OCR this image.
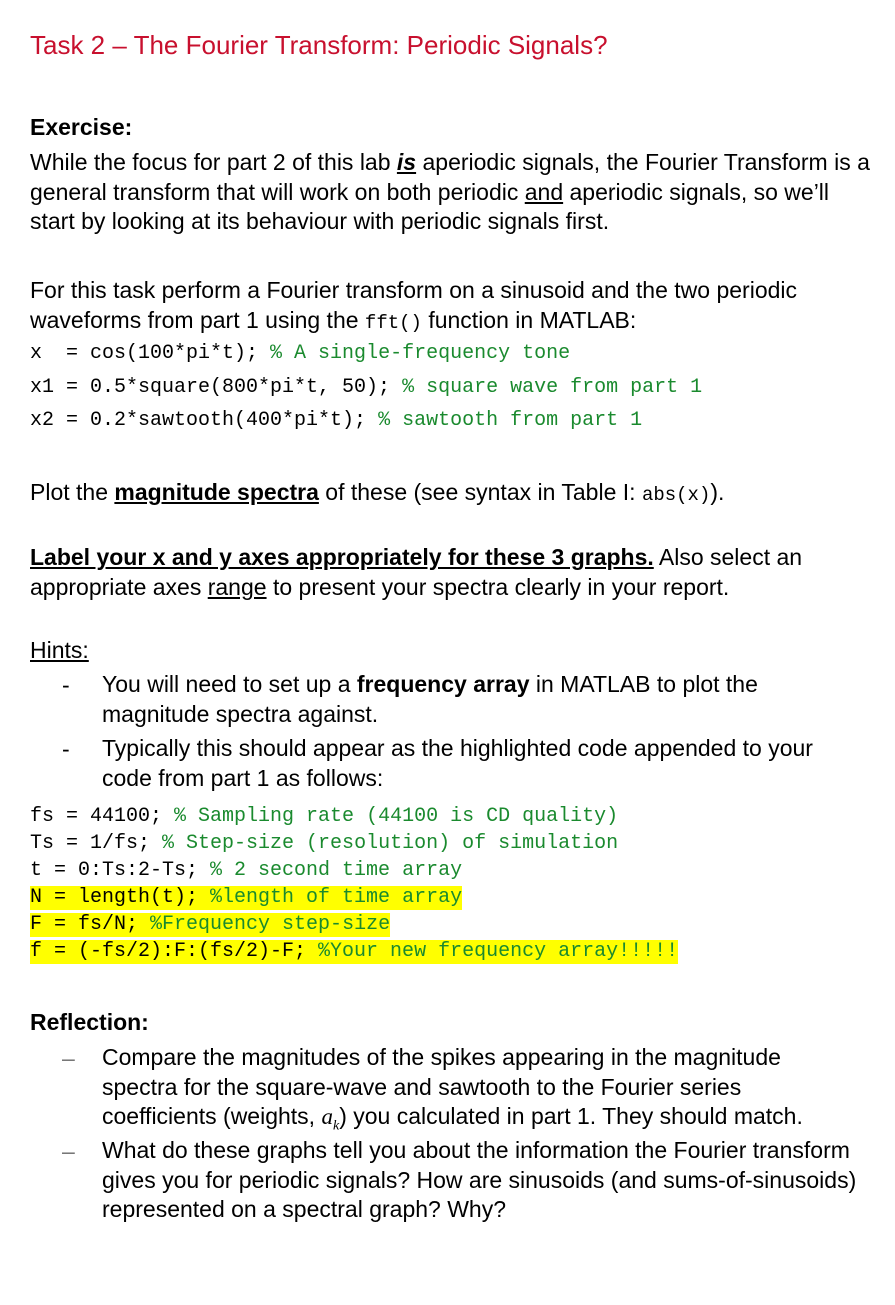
Task 2 – The Fourier Transform: Periodic Signals?
Exercise:
While the focus for part 2 of this lab is aperiodic signals, the Fourier Transform is a general transform that will work on both periodic and aperiodic signals, so we’ll start by looking at its behaviour with periodic signals first.
For this task perform a Fourier transform on a sinusoid and the two periodic waveforms from part 1 using the fft() function in MATLAB:
x  = cos(100*pi*t); % A single-frequency tone
x1 = 0.5*square(800*pi*t, 50); % square wave from part 1
x2 = 0.2*sawtooth(400*pi*t); % sawtooth from part 1
Plot the magnitude spectra of these (see syntax in Table I: abs(x)).
Label your x and y axes appropriately for these 3 graphs. Also select an appropriate axes range to present your spectra clearly in your report.
Hints:
- You will need to set up a frequency array in MATLAB to plot the magnitude spectra against.
- Typically this should appear as the highlighted code appended to your code from part 1 as follows:
fs = 44100; % Sampling rate (44100 is CD quality)
Ts = 1/fs; % Step-size (resolution) of simulation
t = 0:Ts:2-Ts; % 2 second time array
N = length(t); %length of time array
F = fs/N; %Frequency step-size
f = (-fs/2):F:(fs/2)-F; %Your new frequency array!!!!!
Reflection:
– Compare the magnitudes of the spikes appearing in the magnitude spectra for the square-wave and sawtooth to the Fourier series coefficients (weights, $a_k$) you calculated in part 1. They should match.
– What do these graphs tell you about the information the Fourier transform gives you for periodic signals? How are sinusoids (and sums-of-sinusoids) represented on a spectral graph? Why?
